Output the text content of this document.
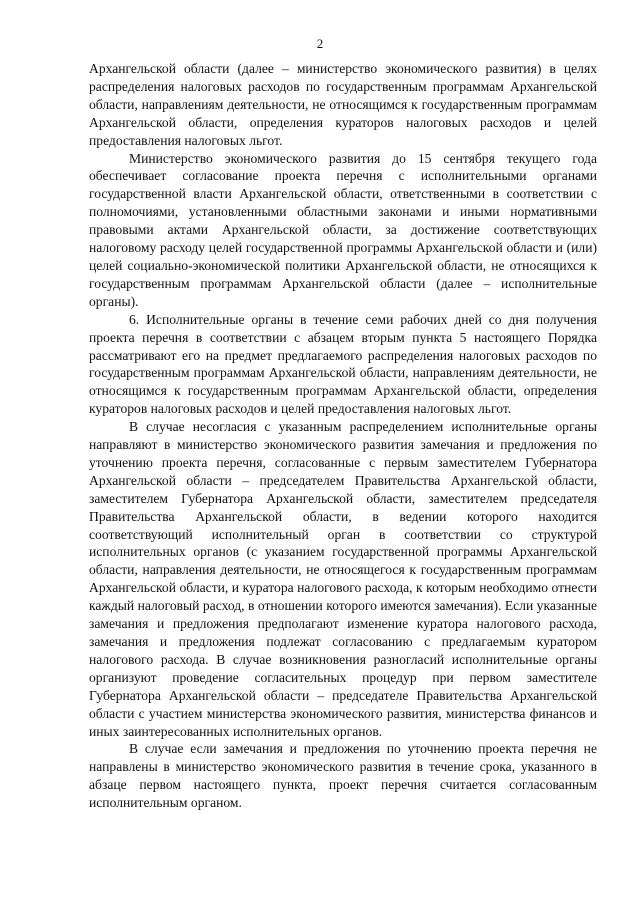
2

Архангельской области (далее – министерство экономического развития) в целях распределения налоговых расходов по государственным программам Архангельской области, направлениям деятельности, не относящимся к государственным программам Архангельской области, определения кураторов налоговых расходов и целей предоставления налоговых льгот.

Министерство экономического развития до 15 сентября текущего года обеспечивает согласование проекта перечня с исполнительными органами государственной власти Архангельской области, ответственными в соответствии с полномочиями, установленными областными законами и иными нормативными правовыми актами Архангельской области, за достижение соответствующих налоговому расходу целей государственной программы Архангельской области и (или) целей социально-экономической политики Архангельской области, не относящихся к государственным программам Архангельской области (далее – исполнительные органы).

6. Исполнительные органы в течение семи рабочих дней со дня получения проекта перечня в соответствии с абзацем вторым пункта 5 настоящего Порядка рассматривают его на предмет предлагаемого распределения налоговых расходов по государственным программам Архангельской области, направлениям деятельности, не относящимся к государственным программам Архангельской области, определения кураторов налоговых расходов и целей предоставления налоговых льгот.

В случае несогласия с указанным распределением исполнительные органы направляют в министерство экономического развития замечания и предложения по уточнению проекта перечня, согласованные с первым заместителем Губернатора Архангельской области – председателем Правительства Архангельской области, заместителем Губернатора Архангельской области, заместителем председателя Правительства Архангельской области, в ведении которого находится соответствующий исполнительный орган в соответствии со структурой исполнительных органов (с указанием государственной программы Архангельской области, направления деятельности, не относящегося к государственным программам Архангельской области, и куратора налогового расхода, к которым необходимо отнести каждый налоговый расход, в отношении которого имеются замечания). Если указанные замечания и предложения предполагают изменение куратора налогового расхода, замечания и предложения подлежат согласованию с предлагаемым куратором налогового расхода. В случае возникновения разногласий исполнительные органы организуют проведение согласительных процедур при первом заместителе Губернатора Архангельской области – председателе Правительства Архангельской области с участием министерства экономического развития, министерства финансов и иных заинтересованных исполнительных органов.

В случае если замечания и предложения по уточнению проекта перечня не направлены в министерство экономического развития в течение срока, указанного в абзаце первом настоящего пункта, проект перечня считается согласованным исполнительным органом.
